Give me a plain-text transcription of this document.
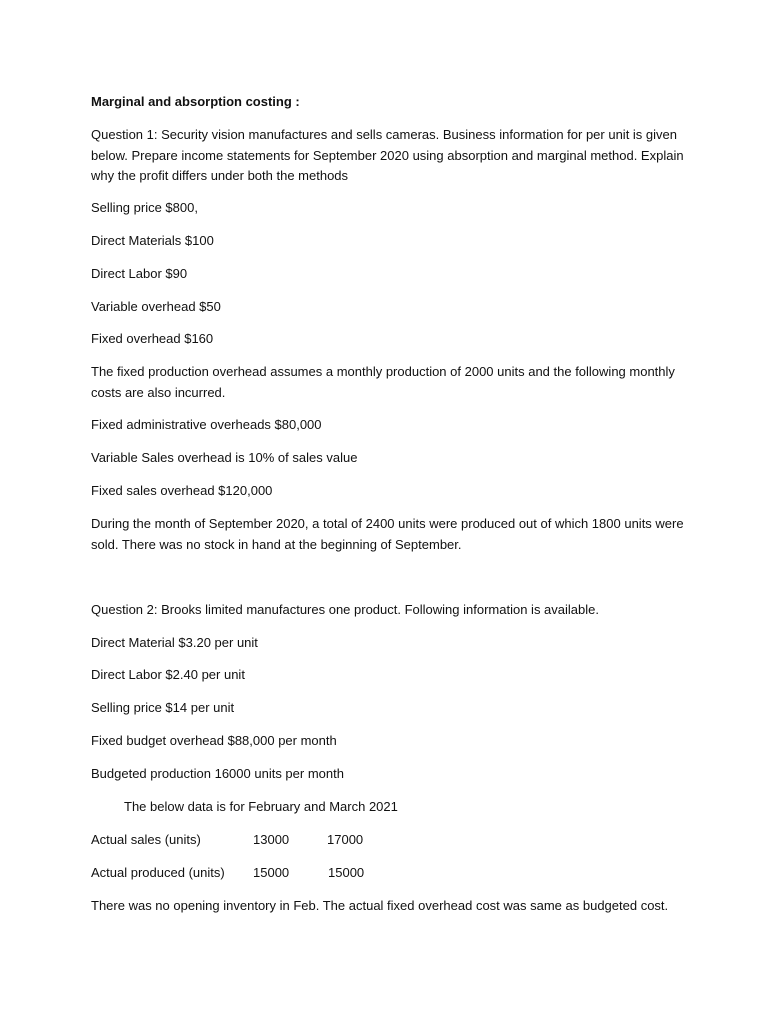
Marginal and absorption costing :
Question 1: Security vision manufactures and sells cameras. Business information for per unit is given below. Prepare income statements for September 2020 using absorption and marginal method. Explain why the profit differs under both the methods
Selling price $800,
Direct Materials $100
Direct Labor $90
Variable overhead $50
Fixed overhead $160
The fixed production overhead assumes a monthly production of 2000 units and the following monthly costs are also incurred.
Fixed administrative overheads $80,000
Variable Sales overhead is 10% of sales value
Fixed sales overhead $120,000
During the month of September 2020, a total of 2400 units were produced out of which 1800 units were sold. There was no stock in hand at the beginning of September.
Question 2: Brooks limited manufactures one product. Following information is available.
Direct Material $3.20 per unit
Direct Labor $2.40 per unit
Selling price $14 per unit
Fixed budget overhead $88,000 per month
Budgeted production 16000 units per month
The below data is for February and March 2021
Actual sales (units)	13000	17000
Actual produced (units) 15000	15000
There was no opening inventory in Feb. The actual fixed overhead cost was same as budgeted cost.
